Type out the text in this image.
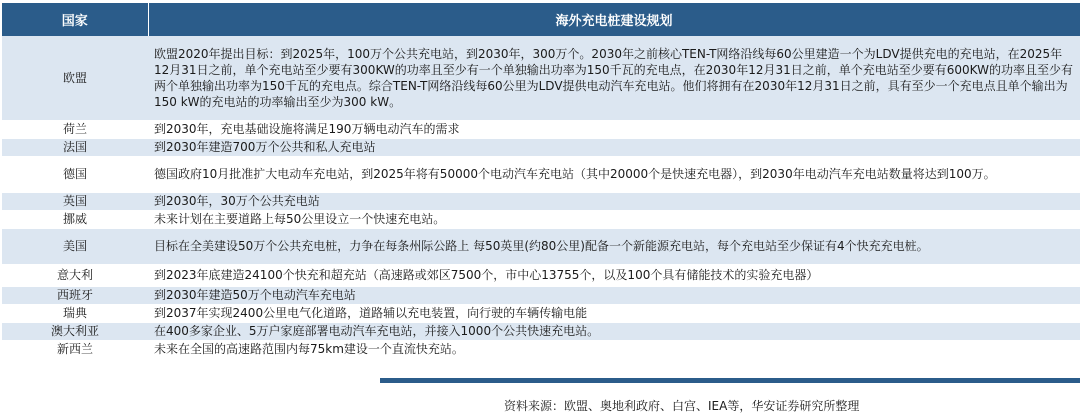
国家	海外充电桩建设规划
欧盟	欧盟2020年提出目标：到2025年，100万个公共充电站，到2030年，300万个。2030年之前核心TEN-T网络沿线每60公里建造一个为LDV提供充电的充电站，在2025年12月31日之前，单个充电站至少要有300KW的功率且至少有一个单独输出功率为150千瓦的充电点，在2030年12月31日之前，单个充电站至少要有600KW的功率且至少有两个单独输出功率为150千瓦的充电点。综合TEN-T网络沿线每60公里为LDV提供电动汽车充电站。他们将拥有在2030年12月31日之前，具有至少一个充电点且单个输出为150 kW的充电站的功率输出至少为300 kW。
荷兰	到2030年，充电基础设施将满足190万辆电动汽车的需求
法国	到2030年建造700万个公共和私人充电站
德国	德国政府10月批准扩大电动车充电站，到2025年将有50000个电动汽车充电站（其中20000个是快速充电器），到2030年电动汽车充电站数量将达到100万。
英国	到2030年，30万个公共充电站
挪威	未来计划在主要道路上每50公里设立一个快速充电站。
美国	目标在全美建设50万个公共充电桩，力争在每条州际公路上 每50英里(约80公里)配备一个新能源充电站，每个充电站至少保证有4个快充充电桩。
意大利	到2023年底建造24100个快充和超充站（高速路或郊区7500个，市中心13755个，以及100个具有储能技术的实验充电器）
西班牙	到2030年建造50万个电动汽车充电站
瑞典	到2037年实现2400公里电气化道路，道路辅以充电装置，向行驶的车辆传输电能
澳大利亚	在400多家企业、5万户家庭部署电动汽车充电站，并接入1000个公共快速充电站。
新西兰	未来在全国的高速路范围内每75km建设一个直流快充站。
资料来源：欧盟、奥地利政府、白宫、IEA等，华安证券研究所整理
